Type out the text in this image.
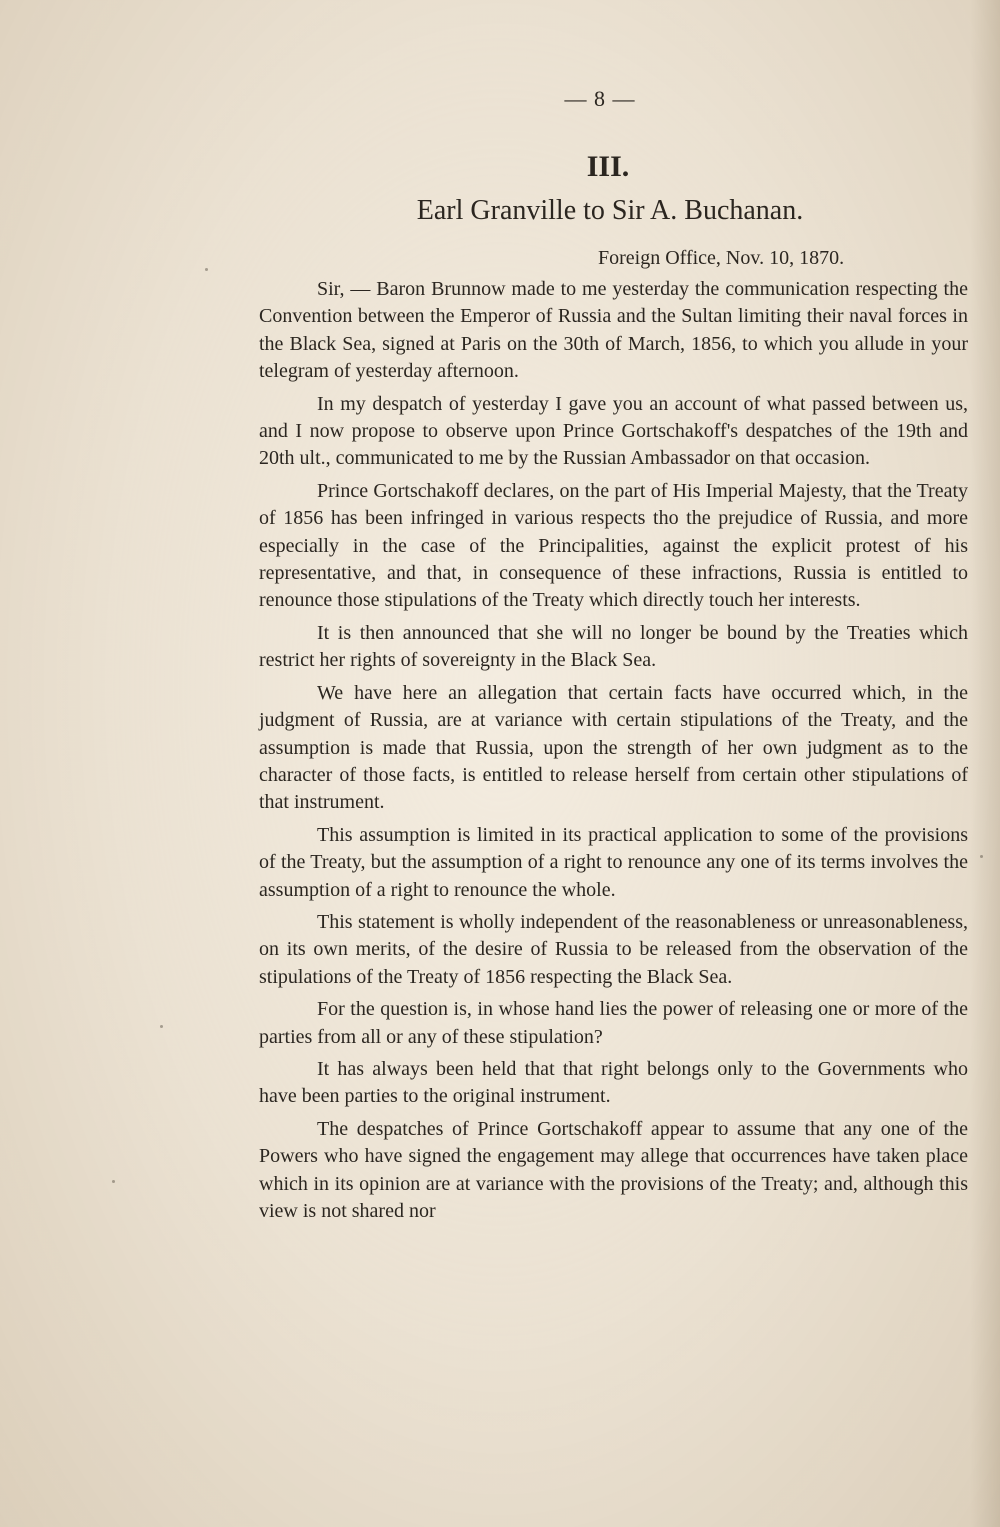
— 8 —
III.
Earl Granville to Sir A. Buchanan.
Foreign Office, Nov. 10, 1870.

Sir, — Baron Brunnow made to me yesterday the communication respecting the Convention between the Emperor of Russia and the Sultan limiting their naval forces in the Black Sea, signed at Paris on the 30th of March, 1856, to which you allude in your telegram of yesterday afternoon.

In my despatch of yesterday I gave you an account of what passed between us, and I now propose to observe upon Prince Gortschakoff's despatches of the 19th and 20th ult., communicated to me by the Russian Ambassador on that occasion.

Prince Gortschakoff declares, on the part of His Imperial Majesty, that the Treaty of 1856 has been infringed in various respects tho the prejudice of Russia, and more especially in the case of the Principalities, against the explicit protest of his representative, and that, in consequence of these infractions, Russia is entitled to renounce those stipulations of the Treaty which directly touch her interests.

It is then announced that she will no longer be bound by the Treaties which restrict her rights of sovereignty in the Black Sea.

We have here an allegation that certain facts have occurred which, in the judgment of Russia, are at variance with certain stipulations of the Treaty, and the assumption is made that Russia, upon the strength of her own judgment as to the character of those facts, is entitled to release herself from certain other stipulations of that instrument.

This assumption is limited in its practical application to some of the provisions of the Treaty, but the assumption of a right to renounce any one of its terms involves the assumption of a right to renounce the whole.

This statement is wholly independent of the reasonableness or unreasonableness, on its own merits, of the desire of Russia to be released from the observation of the stipulations of the Treaty of 1856 respecting the Black Sea.

For the question is, in whose hand lies the power of releasing one or more of the parties from all or any of these stipulation?

It has always been held that that right belongs only to the Governments who have been parties to the original instrument.

The despatches of Prince Gortschakoff appear to assume that any one of the Powers who have signed the engagement may allege that occurrences have taken place which in its opinion are at variance with the provisions of the Treaty; and, although this view is not shared nor
